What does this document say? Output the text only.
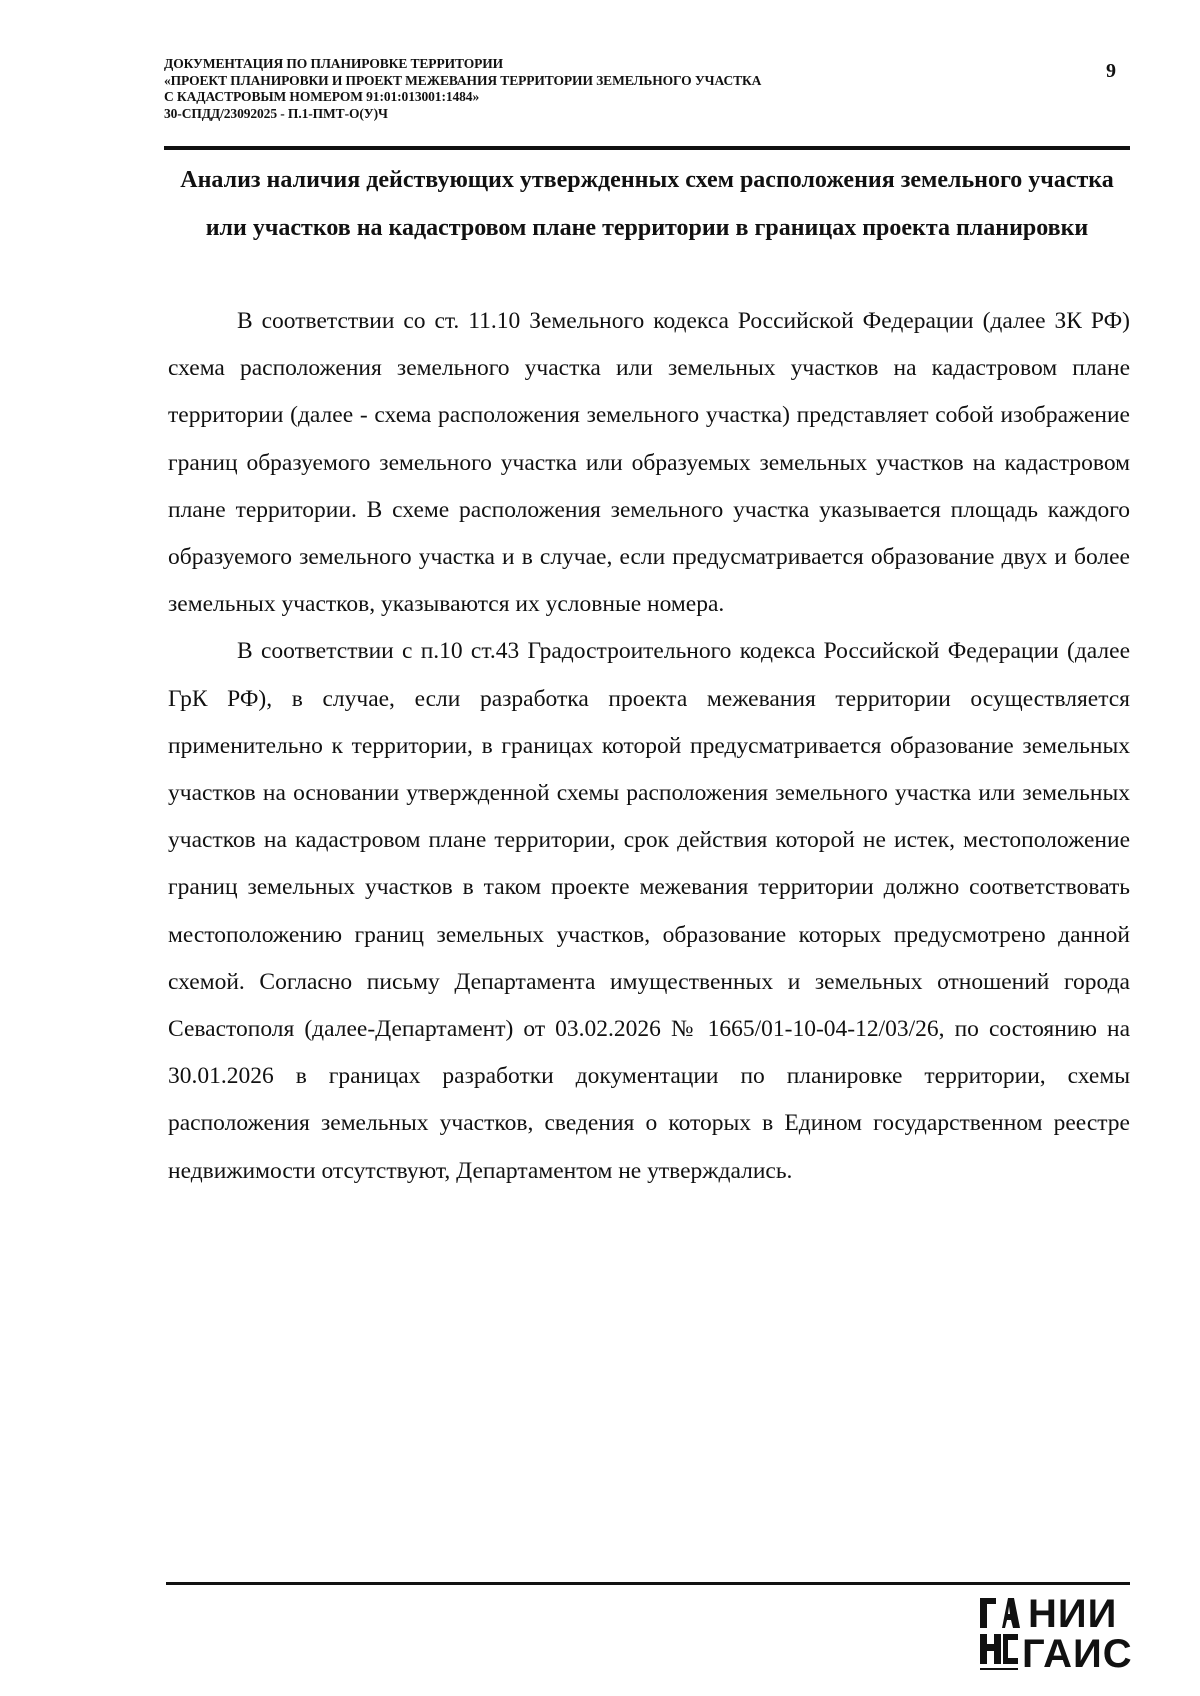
ДОКУМЕНТАЦИЯ ПО ПЛАНИРОВКЕ ТЕРРИТОРИИ
«ПРОЕКТ ПЛАНИРОВКИ И ПРОЕКТ МЕЖЕВАНИЯ ТЕРРИТОРИИ ЗЕМЕЛЬНОГО УЧАСТКА
С КАДАСТРОВЫМ НОМЕРОМ 91:01:013001:1484»
30-СПДД/23092025 - П.1-ПМТ-О(У)Ч
9
Анализ наличия действующих утвержденных схем расположения земельного участка или участков на кадастровом плане территории в границах проекта планировки

В соответствии со ст. 11.10 Земельного кодекса Российской Федерации (далее ЗК РФ) схема расположения земельного участка или земельных участков на кадастровом плане территории (далее - схема расположения земельного участка) представляет собой изображение границ образуемого земельного участка или образуемых земельных участков на кадастровом плане территории. В схеме расположения земельного участка указывается площадь каждого образуемого земельного участка и в случае, если предусматривается образование двух и более земельных участков, указываются их условные номера.

В соответствии с п.10 ст.43 Градостроительного кодекса Российской Федерации (далее ГрК РФ), в случае, если разработка проекта межевания территории осуществляется применительно к территории, в границах которой предусматривается образование земельных участков на основании утвержденной схемы расположения земельного участка или земельных участков на кадастровом плане территории, срок действия которой не истек, местоположение границ земельных участков в таком проекте межевания территории должно соответствовать местоположению границ земельных участков, образование которых предусмотрено данной схемой. Согласно письму Департамента имущественных и земельных отношений города Севастополя (далее-Департамент) от 03.02.2026 № 1665/01-10-04-12/03/26, по состоянию на 30.01.2026 в границах разработки документации по планировке территории, схемы расположения земельных участков, сведения о которых в Едином государственном реестре недвижимости отсутствуют, Департаментом не утверждались.

НИИ
ГАИС
